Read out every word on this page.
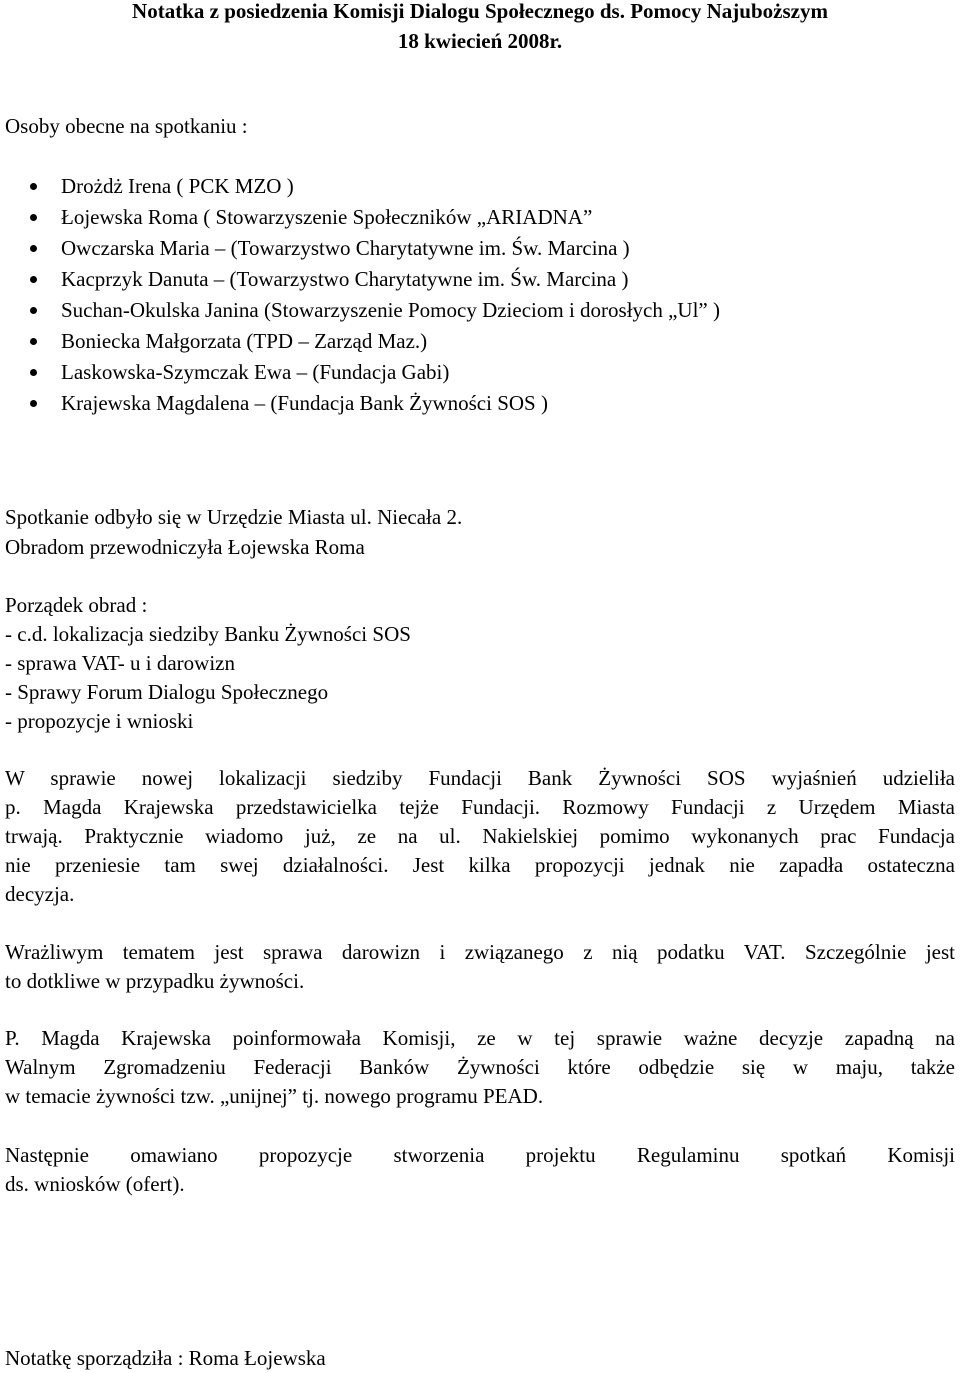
Notatka z posiedzenia Komisji Dialogu Społecznego ds. Pomocy Najuboższym
18 kwiecień 2008r.
Osoby obecne na spotkaniu :
Drożdż Irena ( PCK MZO )
Łojewska Roma ( Stowarzyszenie Społeczników „ARIADNA”
Owczarska Maria – (Towarzystwo Charytatywne im. Św. Marcina )
Kacprzyk Danuta – (Towarzystwo Charytatywne im. Św. Marcina )
Suchan-Okulska Janina (Stowarzyszenie Pomocy Dzieciom i dorosłych „Ul” )
Boniecka Małgorzata (TPD – Zarząd Maz.)
Laskowska-Szymczak Ewa – (Fundacja Gabi)
Krajewska Magdalena – (Fundacja Bank Żywności SOS )
Spotkanie odbyło się w Urzędzie Miasta ul. Niecała 2.
Obradom przewodniczyła Łojewska Roma
Porządek obrad :
- c.d. lokalizacja siedziby Banku Żywności SOS
- sprawa VAT- u i darowizn
- Sprawy Forum Dialogu Społecznego
- propozycje i wnioski
W sprawie nowej lokalizacji siedziby Fundacji Bank Żywności SOS wyjaśnień udzieliła
p. Magda Krajewska przedstawicielka tejże Fundacji. Rozmowy Fundacji z Urzędem Miasta
trwają. Praktycznie wiadomo już, ze na ul. Nakielskiej pomimo wykonanych prac Fundacja
nie przeniesie tam swej działalności. Jest kilka propozycji jednak nie zapadła ostateczna
decyzja.
Wrażliwym tematem jest sprawa darowizn i związanego z nią podatku VAT. Szczególnie jest
to dotkliwe w przypadku żywności.
P. Magda Krajewska poinformowała Komisji, ze w tej sprawie ważne decyzje zapadną na
Walnym Zgromadzeniu Federacji Banków Żywności które odbędzie się w maju, także
w temacie żywności tzw. „unijnej” tj. nowego programu PEAD.
Następnie omawiano propozycje stworzenia projektu Regulaminu spotkań Komisji
ds. wniosków (ofert).
Notatkę sporządziła : Roma Łojewska
